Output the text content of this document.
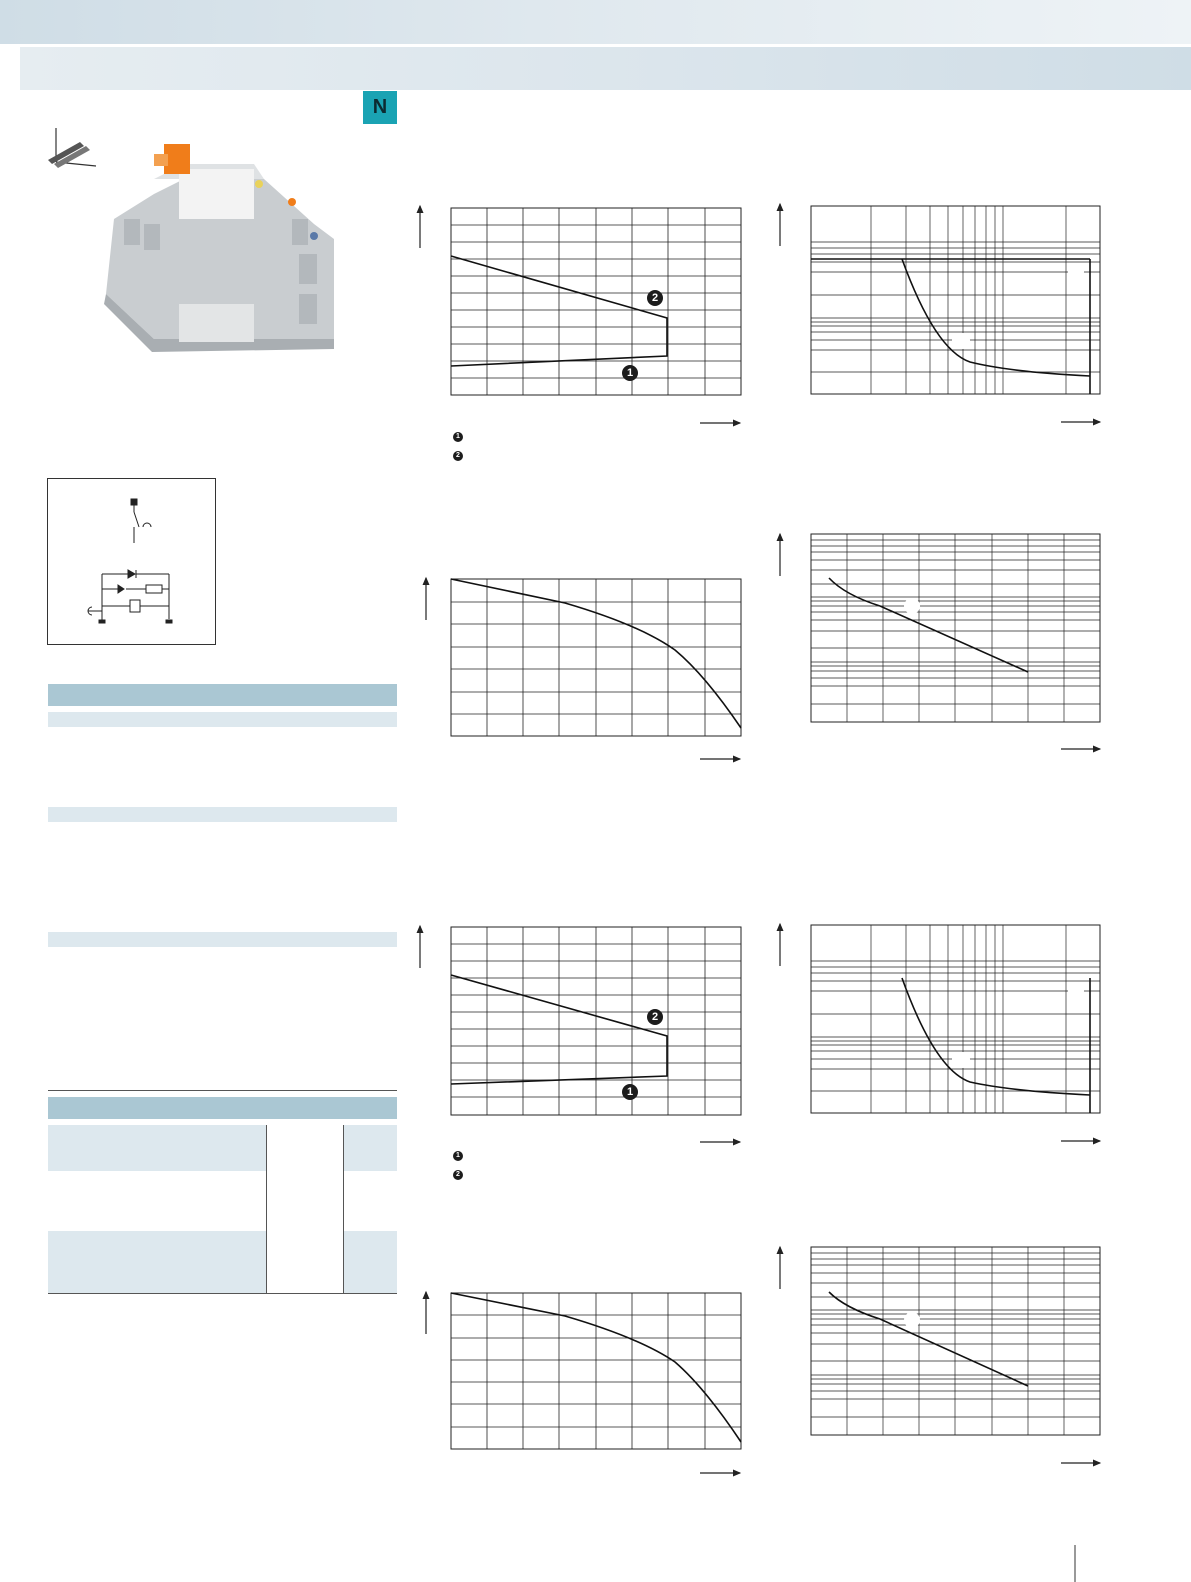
N
2
1
1
2
2
1
1
2
